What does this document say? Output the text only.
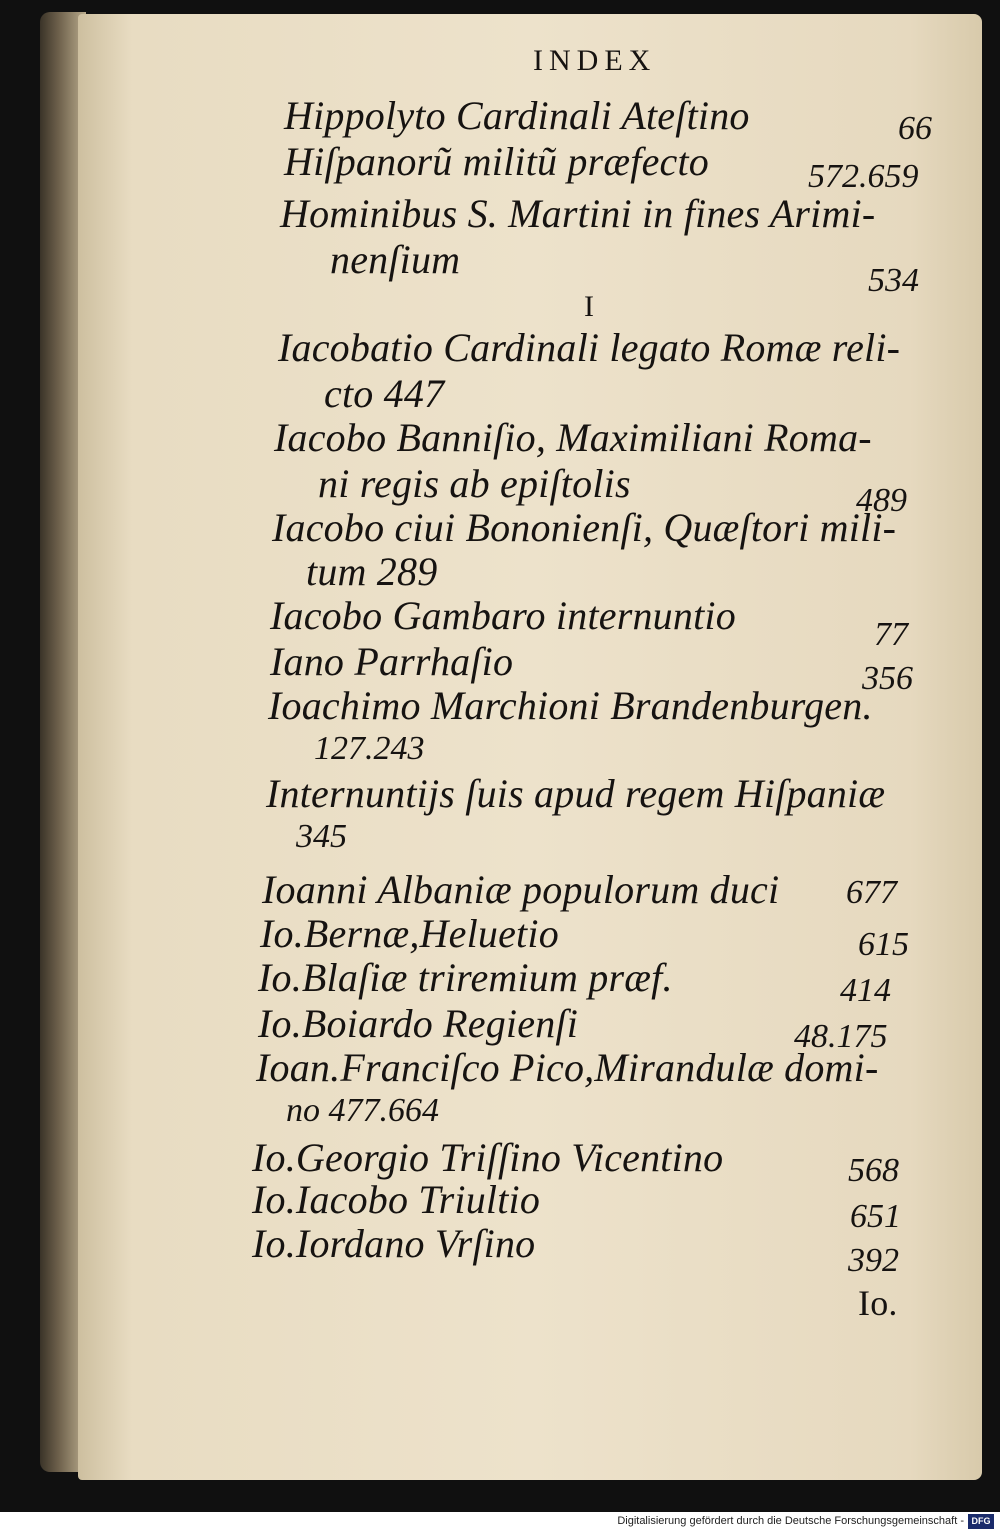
INDEX
Hippolyto Cardinali Ateſtino	66
Hiſpanorũ militũ præfecto	572.659
Hominibus S. Martini in fines Arimi-
nenſium	534
I
Iacobatio Cardinali legato Romæ reli-
cto 447
Iacobo Banniſio, Maximiliani Roma-
ni regis ab epiſtolis	489
Iacobo ciui Bononienſi, Quæſtori mili-
tum 289
Iacobo Gambaro internuntio	77
Iano Parrhaſio	356
Ioachimo Marchioni Brandenburgen.
127.243
Internuntijs ſuis apud regem Hiſpaniæ
345
Ioanni Albaniæ populorum duci 677
Io.Bernæ,Heluetio	615
Io.Blaſiæ triremium præf.	414
Io.Boiardo Regienſi	48.175
Ioan.Franciſco Pico,Mirandulæ domi-
no 477.664
Io.Georgio Triſſino Vicentino	568
Io.Iacobo Triultio	651
Io.Iordano Vrſino	392
Io.
Digitalisierung gefördert durch die Deutsche Forschungsgemeinschaft - DFG
